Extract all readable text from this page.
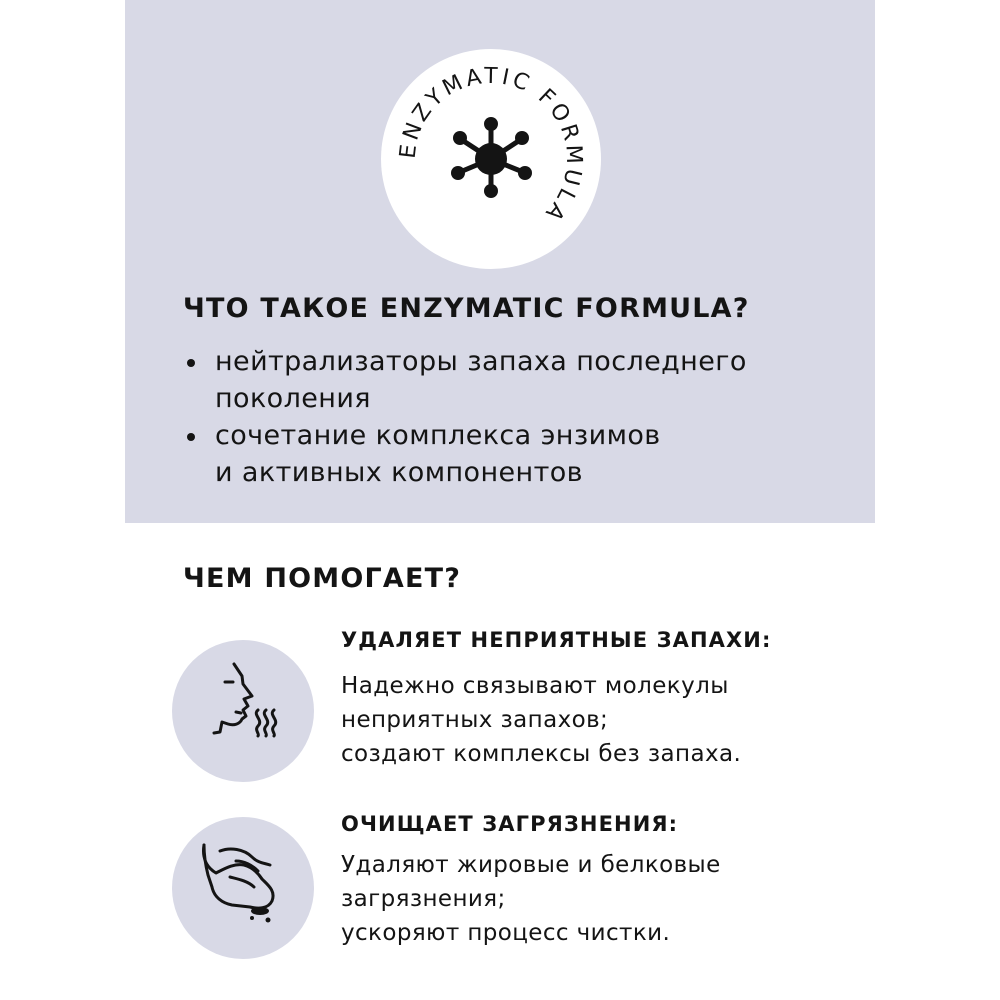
ENZYMATIC FORMULA
ЧТО ТАКОЕ ENZYMATIC FORMULA?
нейтрализаторы запаха последнего
поколения
сочетание комплекса энзимов
и активных компонентов
ЧЕМ ПОМОГАЕТ?
УДАЛЯЕТ НЕПРИЯТНЫЕ ЗАПАХИ:
Надежно связывают молекулы
неприятных запахов;
создают комплексы без запаха.
ОЧИЩАЕТ ЗАГРЯЗНЕНИЯ:
Удаляют жировые и белковые
загрязнения;
ускоряют процесс чистки.
